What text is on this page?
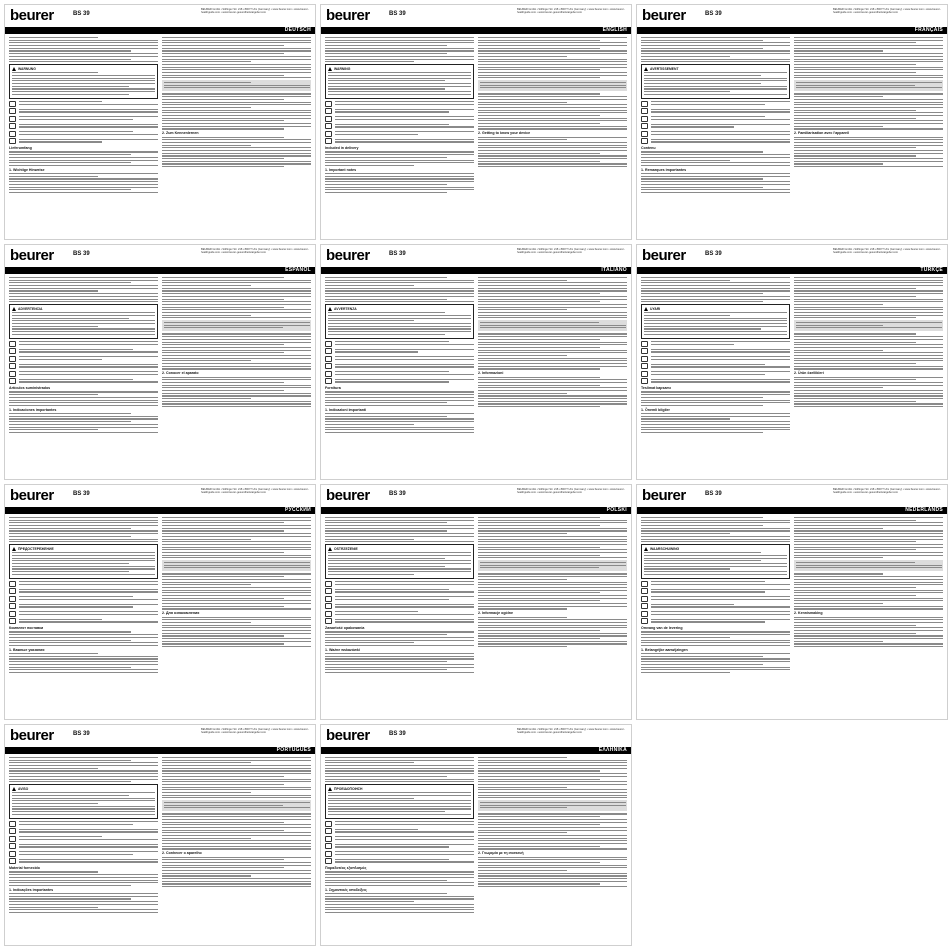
beurer	BS 39
BEURER GmbH • Söflinger Str. 218 • 89077 Ulm (Germany) • www.beurer.com • www.beurer-healthguide.com • www.beurer-gesundheitsratgeber.com
DEUTSCH
WARNUNG
Lieferumfang
1. Wichtige Hinweise
2. Zum Kennenlernen
beurer	BS 39
BEURER GmbH • Söflinger Str. 218 • 89077 Ulm (Germany) • www.beurer.com • www.beurer-healthguide.com • www.beurer-gesundheitsratgeber.com
ENGLISH
WARNING
Included in delivery
1. Important notes
2. Getting to know your device
beurer	BS 39
BEURER GmbH • Söflinger Str. 218 • 89077 Ulm (Germany) • www.beurer.com • www.beurer-healthguide.com • www.beurer-gesundheitsratgeber.com
FRANÇAIS
AVERTISSEMENT
Contenu
1. Remarques importantes
2. Familiarisation avec l'appareil
beurer	BS 39
BEURER GmbH • Söflinger Str. 218 • 89077 Ulm (Germany) • www.beurer.com • www.beurer-healthguide.com • www.beurer-gesundheitsratgeber.com
ESPAÑOL
ADVERTENCIA
Artículos suministrados
1. Indicaciones importantes
2. Conocer el aparato
beurer	BS 39
BEURER GmbH • Söflinger Str. 218 • 89077 Ulm (Germany) • www.beurer.com • www.beurer-healthguide.com • www.beurer-gesundheitsratgeber.com
ITALIANO
AVVERTENZA
Fornitura
1. Indicazioni importanti
2. Informazioni
beurer	BS 39
BEURER GmbH • Söflinger Str. 218 • 89077 Ulm (Germany) • www.beurer.com • www.beurer-healthguide.com • www.beurer-gesundheitsratgeber.com
TÜRKÇE
UYARI
Teslimat kapsamı
1. Önemli bilgiler
2. Ürün özellikleri
beurer	BS 39
BEURER GmbH • Söflinger Str. 218 • 89077 Ulm (Germany) • www.beurer.com • www.beurer-healthguide.com • www.beurer-gesundheitsratgeber.com
РУССКИЙ
ПРЕДОСТЕРЕЖЕНИЕ
Комплект поставки
1. Важные указания
2. Для ознакомления
beurer	BS 39
BEURER GmbH • Söflinger Str. 218 • 89077 Ulm (Germany) • www.beurer.com • www.beurer-healthguide.com • www.beurer-gesundheitsratgeber.com
POLSKI
OSTRZEŻENIE
Zawartość opakowania
1. Ważne wskazówki
2. Informacje ogólne
beurer	BS 39
BEURER GmbH • Söflinger Str. 218 • 89077 Ulm (Germany) • www.beurer.com • www.beurer-healthguide.com • www.beurer-gesundheitsratgeber.com
NEDERLANDS
WAARSCHUWING
Omvang van de levering
1. Belangrijke aanwijzingen
2. Kennismaking
beurer	BS 39
BEURER GmbH • Söflinger Str. 218 • 89077 Ulm (Germany) • www.beurer.com • www.beurer-healthguide.com • www.beurer-gesundheitsratgeber.com
PORTUGUES
AVISO
Material fornecido
1. Indicações importantes
2. Conhecer o aparelho
beurer	BS 39
BEURER GmbH • Söflinger Str. 218 • 89077 Ulm (Germany) • www.beurer.com • www.beurer-healthguide.com • www.beurer-gesundheitsratgeber.com
ΕΛΛΗΝΙΚΑ
ΠΡΟΕΙΔΟΠΟΙΗΣΗ
Παραδοτέος εξοπλισμός
1. Σημαντικές υποδείξεις
2. Γνωριμία με τη συσκευή
